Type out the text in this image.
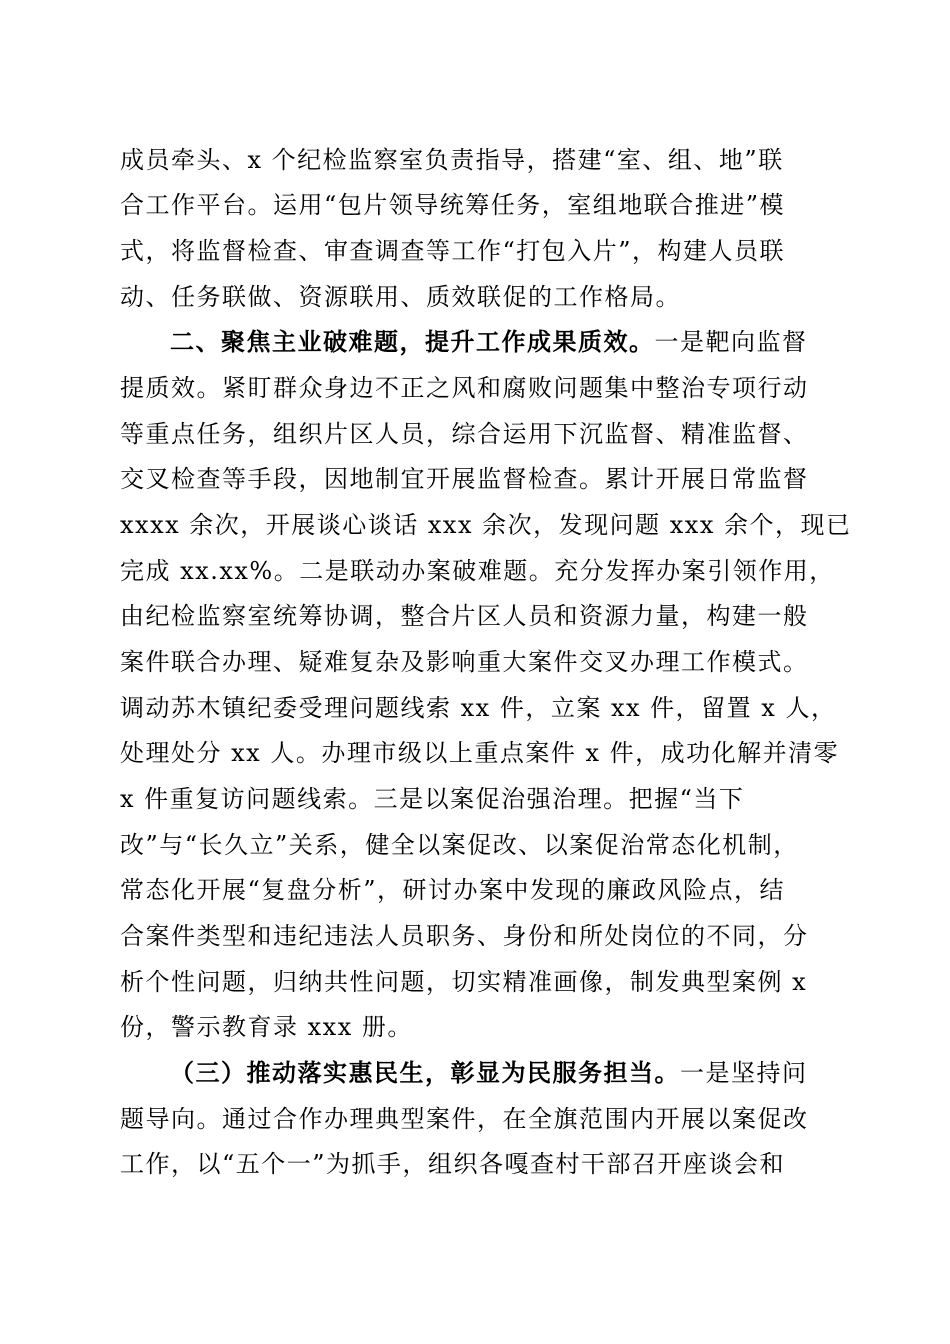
成员牵头、x 个纪检监察室负责指导，搭建“室、组、地”联
合工作平台。运用“包片领导统筹任务，室组地联合推进”模
式，将监督检查、审查调查等工作“打包入片”，构建人员联
动、任务联做、资源联用、质效联促的工作格局。
二、聚焦主业破难题，提升工作成果质效。一是靶向监督
提质效。紧盯群众身边不正之风和腐败问题集中整治专项行动
等重点任务，组织片区人员，综合运用下沉监督、精准监督、
交叉检查等手段，因地制宜开展监督检查。累计开展日常监督
xxxx 余次，开展谈心谈话 xxx 余次，发现问题 xxx 余个，现已
完成 xx.xx%。二是联动办案破难题。充分发挥办案引领作用，
由纪检监察室统筹协调，整合片区人员和资源力量，构建一般
案件联合办理、疑难复杂及影响重大案件交叉办理工作模式。
调动苏木镇纪委受理问题线索 xx 件，立案 xx 件，留置 x 人，
处理处分 xx 人。办理市级以上重点案件 x 件，成功化解并清零
x 件重复访问题线索。三是以案促治强治理。把握“当下
改”与“长久立”关系，健全以案促改、以案促治常态化机制，
常态化开展“复盘分析”，研讨办案中发现的廉政风险点，结
合案件类型和违纪违法人员职务、身份和所处岗位的不同，分
析个性问题，归纳共性问题，切实精准画像，制发典型案例 x
份，警示教育录 xxx 册。
（三）推动落实惠民生，彰显为民服务担当。一是坚持问
题导向。通过合作办理典型案件，在全旗范围内开展以案促改
工作，以“五个一”为抓手，组织各嘎查村干部召开座谈会和
